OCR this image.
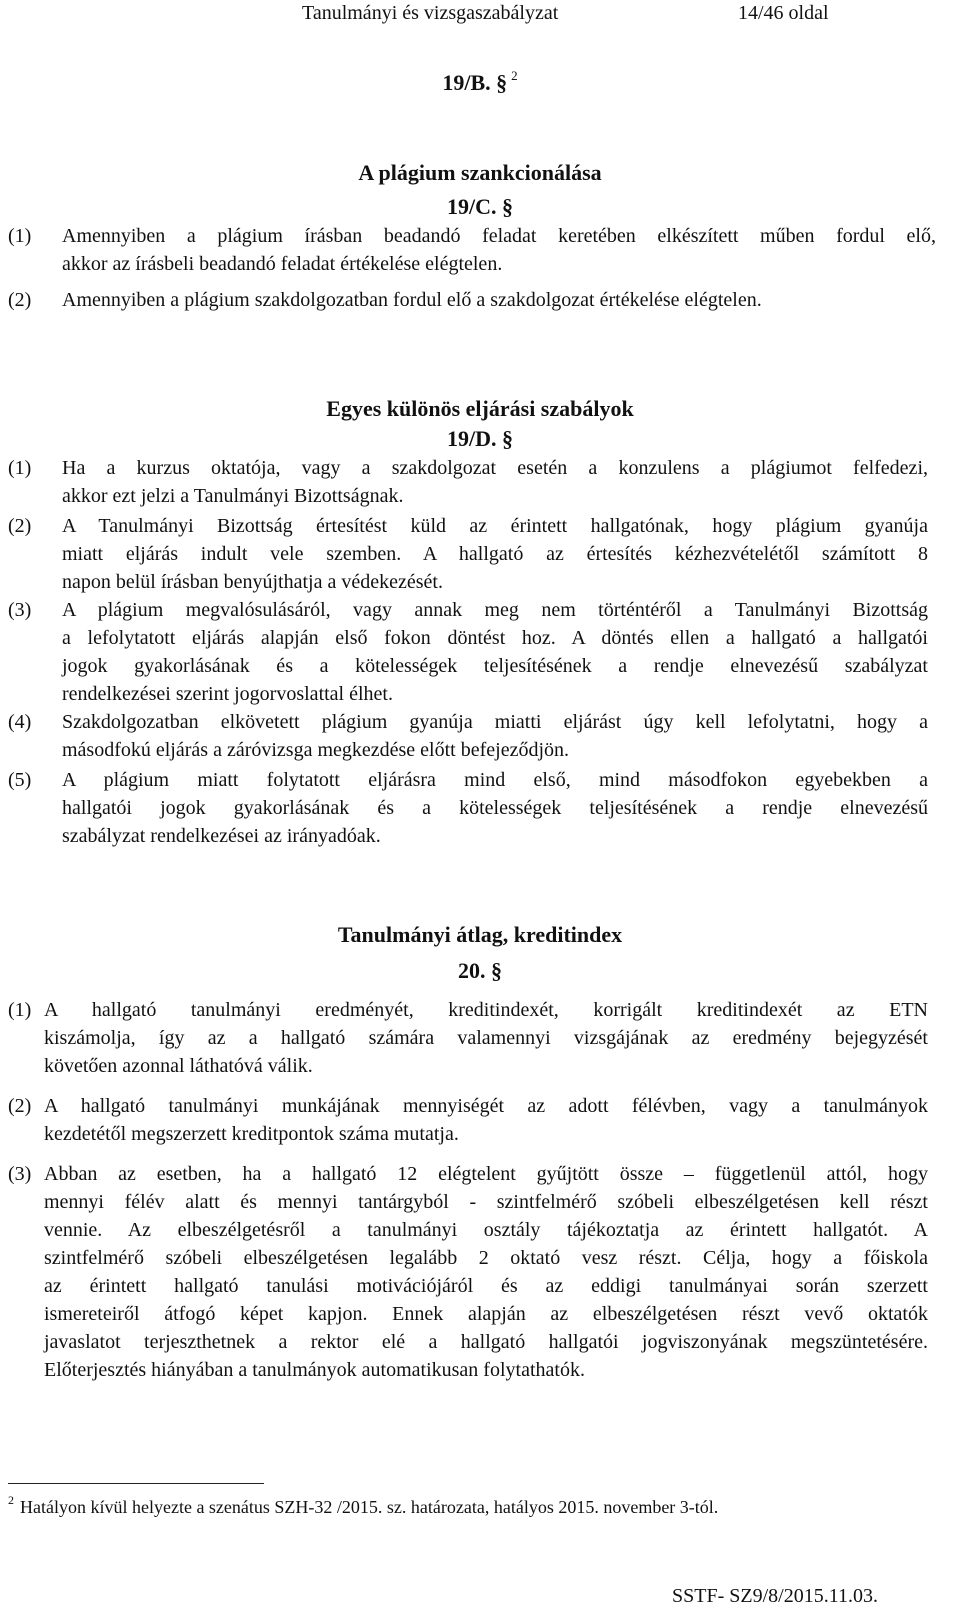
Tanulmányi és vizsgaszabályzat	14/46 oldal
19/B. § $^2$
A plágium szankcionálása
19/C. §
(1) Amennyiben a plágium írásban beadandó feladat keretében elkészített műben fordul elő,
akkor az írásbeli beadandó feladat értékelése elégtelen.
(2) Amennyiben a plágium szakdolgozatban fordul elő a szakdolgozat értékelése elégtelen.
Egyes különös eljárási szabályok
19/D. §
(1) Ha a kurzus oktatója, vagy a szakdolgozat esetén a konzulens a plágiumot felfedezi,
akkor ezt jelzi a Tanulmányi Bizottságnak.
(2) A Tanulmányi Bizottság értesítést küld az érintett hallgatónak, hogy plágium gyanúja
miatt eljárás indult vele szemben. A hallgató az értesítés kézhezvételétől számított 8
napon belül írásban benyújthatja a védekezését.
(3) A plágium megvalósulásáról, vagy annak meg nem történtéről a Tanulmányi Bizottság
a lefolytatott eljárás alapján első fokon döntést hoz. A döntés ellen a hallgató a hallgatói
jogok gyakorlásának és a kötelességek teljesítésének a rendje elnevezésű szabályzat
rendelkezései szerint jogorvoslattal élhet.
(4) Szakdolgozatban elkövetett plágium gyanúja miatti eljárást úgy kell lefolytatni, hogy a
másodfokú eljárás a záróvizsga megkezdése előtt befejeződjön.
(5) A plágium miatt folytatott eljárásra mind első, mind másodfokon egyebekben a
hallgatói jogok gyakorlásának és a kötelességek teljesítésének a rendje elnevezésű
szabályzat rendelkezései az irányadóak.
Tanulmányi átlag, kreditindex
20. §
(1) A hallgató tanulmányi eredményét, kreditindexét, korrigált kreditindexét az ETN
kiszámolja, így az a hallgató számára valamennyi vizsgájának az eredmény bejegyzését
követően azonnal láthatóvá válik.
(2) A hallgató tanulmányi munkájának mennyiségét az adott félévben, vagy a tanulmányok
kezdetétől megszerzett kreditpontok száma mutatja.
(3) Abban az esetben, ha a hallgató 12 elégtelent gyűjtött össze – függetlenül attól, hogy
mennyi félév alatt és mennyi tantárgyból - szintfelmérő szóbeli elbeszélgetésen kell részt
vennie. Az elbeszélgetésről a tanulmányi osztály tájékoztatja az érintett hallgatót. A
szintfelmérő szóbeli elbeszélgetésen legalább 2 oktató vesz részt. Célja, hogy a főiskola
az érintett hallgató tanulási motivációjáról és az eddigi tanulmányai során szerzett
ismereteiről átfogó képet kapjon. Ennek alapján az elbeszélgetésen részt vevő oktatók
javaslatot terjeszthetnek a rektor elé a hallgató hallgatói jogviszonyának megszüntetésére.
Előterjesztés hiányában a tanulmányok automatikusan folytathatók.
$^2$ Hatályon kívül helyezte a szenátus SZH-32 /2015. sz. határozata, hatályos 2015. november 3-tól.
SSTF- SZ9/8/2015.11.03.
